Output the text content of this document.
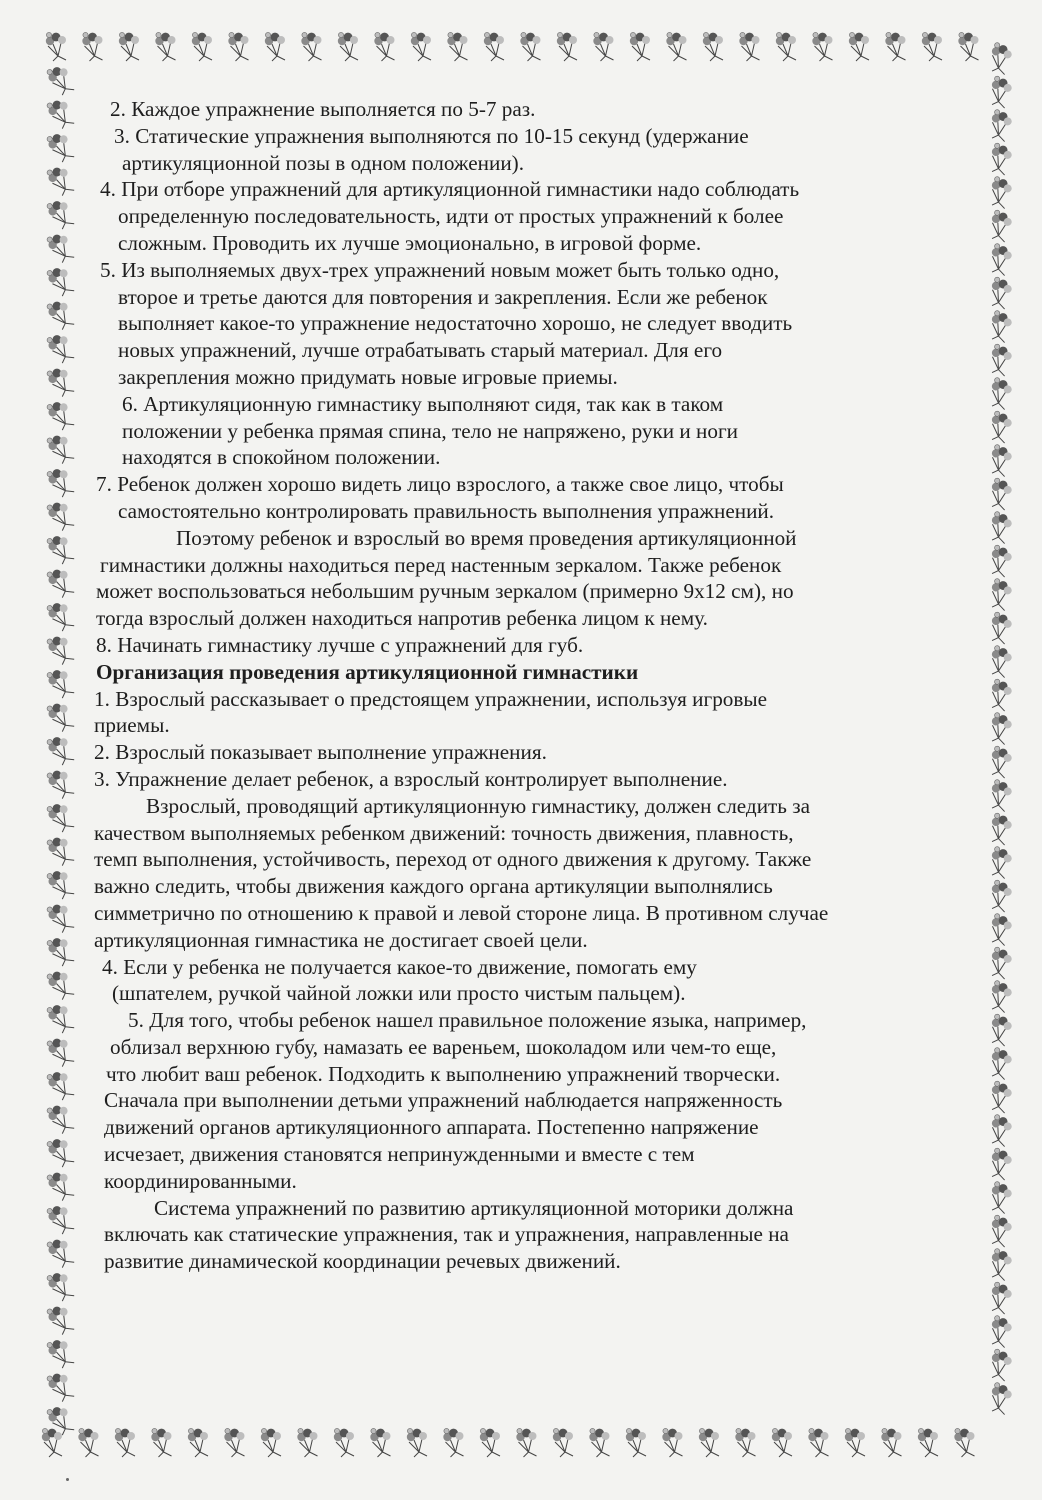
2. Каждое упражнение выполняется по 5-7 раз.
3. Статические упражнения выполняются по 10-15 секунд (удержание
артикуляционной позы в одном положении).
4. При отборе упражнений для артикуляционной гимнастики надо соблюдать
определенную последовательность, идти от простых упражнений к более
сложным. Проводить их лучше эмоционально, в игровой форме.
5. Из выполняемых двух-трех упражнений новым может быть только одно,
второе и третье даются для повторения и закрепления. Если же ребенок
выполняет какое-то упражнение недостаточно хорошо, не следует вводить
новых упражнений, лучше отрабатывать старый материал. Для его
закрепления можно придумать новые игровые приемы.
6. Артикуляционную гимнастику выполняют сидя, так как в таком
положении у ребенка прямая спина, тело не напряжено, руки и ноги
находятся в спокойном положении.
7. Ребенок должен хорошо видеть лицо взрослого, а также свое лицо, чтобы
самостоятельно контролировать правильность выполнения упражнений.
Поэтому ребенок и взрослый во время проведения артикуляционной
гимнастики должны находиться перед настенным зеркалом. Также ребенок
может воспользоваться небольшим ручным зеркалом (примерно 9х12 см), но
тогда взрослый должен находиться напротив ребенка лицом к нему.
8. Начинать гимнастику лучше с упражнений для губ.
Организация проведения артикуляционной гимнастики
1. Взрослый рассказывает о предстоящем упражнении, используя игровые
приемы.
2. Взрослый показывает выполнение упражнения.
3. Упражнение делает ребенок, а взрослый контролирует выполнение.
Взрослый, проводящий артикуляционную гимнастику, должен следить за
качеством выполняемых ребенком движений: точность движения, плавность,
темп выполнения, устойчивость, переход от одного движения к другому. Также
важно следить, чтобы движения каждого органа артикуляции выполнялись
симметрично по отношению к правой и левой стороне лица. В противном случае
артикуляционная гимнастика не достигает своей цели.
4. Если у ребенка не получается какое-то движение, помогать ему
(шпателем, ручкой чайной ложки или просто чистым пальцем).
5. Для того, чтобы ребенок нашел правильное положение языка, например,
облизал верхнюю губу, намазать ее вареньем, шоколадом или чем-то еще,
что любит ваш ребенок. Подходить к выполнению упражнений творчески.
Сначала при выполнении детьми упражнений наблюдается напряженность
движений органов артикуляционного аппарата. Постепенно напряжение
исчезает, движения становятся непринужденными и вместе с тем
координированными.
Система упражнений по развитию артикуляционной моторики должна
включать как статические упражнения, так и упражнения, направленные на
развитие динамической координации речевых движений.
